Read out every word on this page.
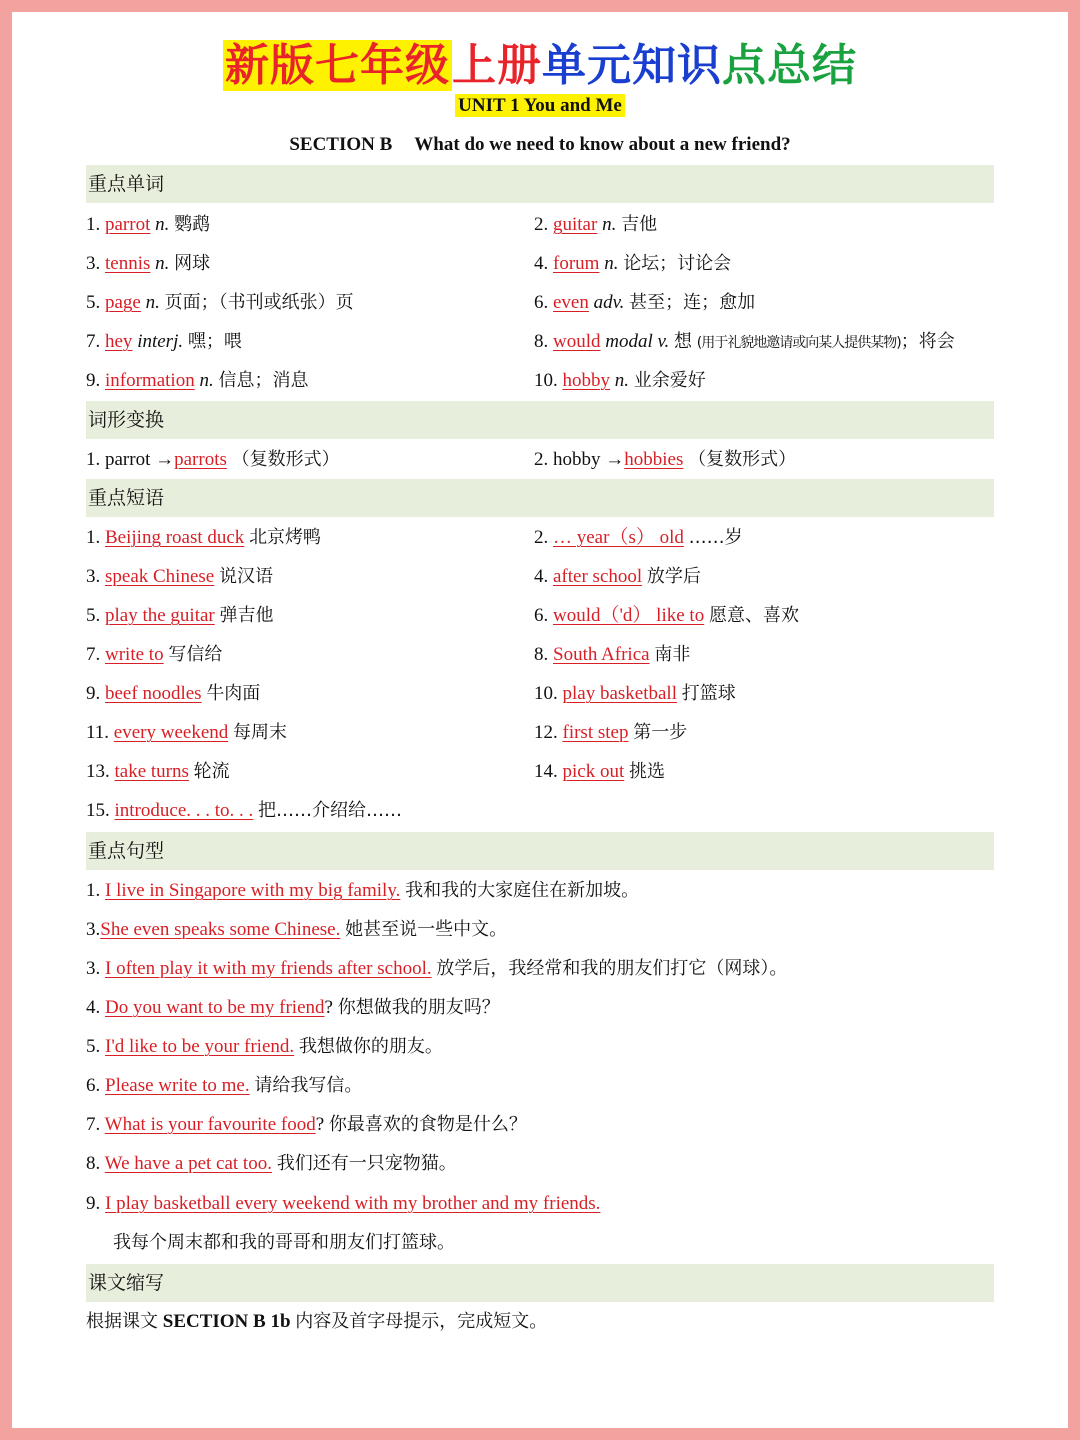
新版七年级上册单元知识点总结
UNIT 1 You and Me
SECTION B What do we need to know about a new friend?
重点单词
1. parrot n. 鹦鹉	2. guitar n. 吉他
3. tennis n. 网球	4. forum n. 论坛；讨论会
5. page n. 页面；（书刊或纸张）页	6. even adv. 甚至；连；愈加
7. hey interj. 嘿；喂	8. would modal v. 想 (用于礼貌地邀请或向某人提供某物)；将会
9. information n. 信息；消息	10. hobby n. 业余爱好
词形变换
1. parrot →parrots （复数形式）	2. hobby →hobbies （复数形式）
重点短语
1. Beijing roast duck 北京烤鸭	2. … year（s） old ……岁
3. speak Chinese 说汉语	4. after school 放学后
5. play the guitar 弹吉他	6. would（'d） like to 愿意、喜欢
7. write to 写信给	8. South Africa 南非
9. beef noodles 牛肉面	10. play basketball 打篮球
11. every weekend 每周末	12. first step 第一步
13. take turns 轮流	14. pick out 挑选
15. introduce. . . to. . . 把……介绍给……
重点句型
1. I live in Singapore with my big family. 我和我的大家庭住在新加坡。
3.She even speaks some Chinese. 她甚至说一些中文。
3. I often play it with my friends after school. 放学后，我经常和我的朋友们打它（网球）。
4. Do you want to be my friend? 你想做我的朋友吗？
5. I'd like to be your friend. 我想做你的朋友。
6. Please write to me. 请给我写信。
7. What is your favourite food? 你最喜欢的食物是什么？
8. We have a pet cat too. 我们还有一只宠物猫。
9. I play basketball every weekend with my brother and my friends.
我每个周末都和我的哥哥和朋友们打篮球。
课文缩写
根据课文 SECTION B 1b 内容及首字母提示，完成短文。
